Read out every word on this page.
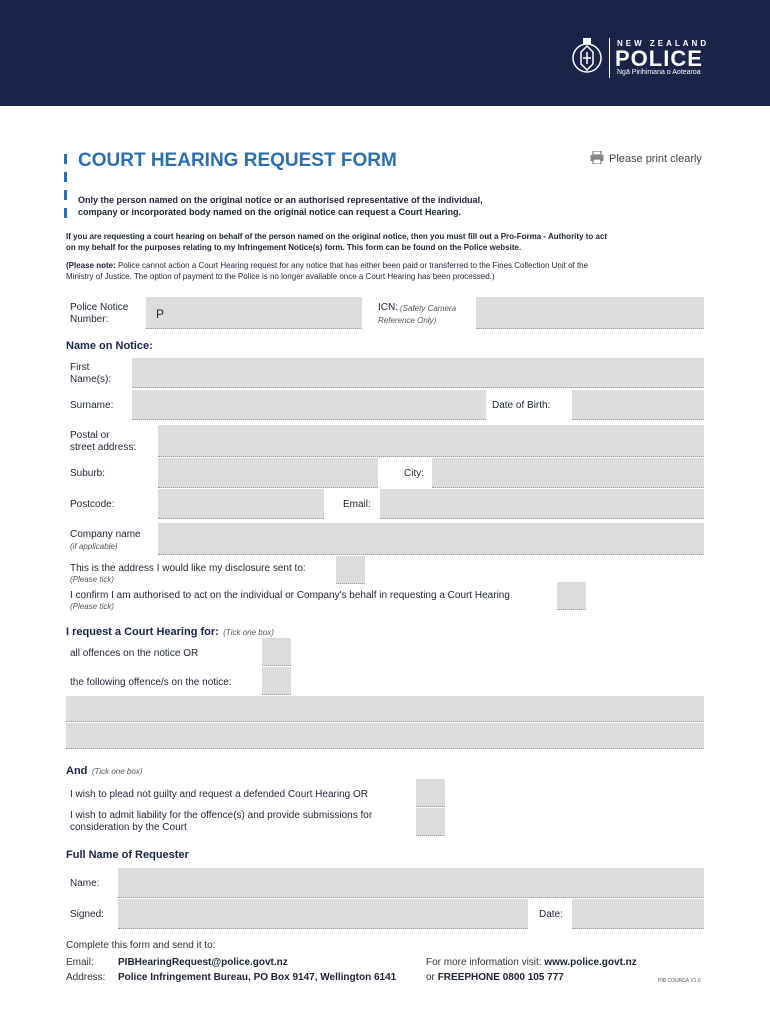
NEW ZEALAND
POLICE
Ngā Pirihimana o Aotearoa
COURT HEARING REQUEST FORM	Please print clearly
Only the person named on the original notice or an authorised representative of the individual,
company or incorporated body named on the original notice can request a Court Hearing.
If you are requesting a court hearing on behalf of the person named on the original notice, then you must fill out a Pro-Forma - Authority to act
on my behalf for the purposes relating to my Infringement Notice(s) form. This form can be found on the Police website.
(Please note: Police cannot action a Court Hearing request for any notice that has either been paid or transferred to the Fines Collection Unit of the
Ministry of Justice. The option of payment to the Police is no longer available once a Court Hearing has been processed.)
Police Notice
Number:	P	ICN: (Safety Camera
Reference Only)
Name on Notice:
First
Name(s):
Surname:	Date of Birth:
Postal or
street address:
Suburb:	City:
Postcode:	Email:
Company name
(if applicable)
This is the address I would like my disclosure sent to:
(Please tick)
I confirm I am authorised to act on the individual or Company's behalf in requesting a Court Hearing
(Please tick)
I request a Court Hearing for: (Tick one box)
all offences on the notice OR
the following offence/s on the notice:
And (Tick one box)
I wish to plead not guilty and request a defended Court Hearing OR
I wish to admit liability for the offence(s) and provide submissions for
consideration by the Court
Full Name of Requester
Name:
Signed:	Date:
Complete this form and send it to:
Email: PIBHearingRequest@police.govt.nz
Address: Police Infringement Bureau, PO Box 9147, Wellington 6141
For more information visit: www.police.govt.nz
or FREEPHONE 0800 105 777	PIB COURCA V1.0
